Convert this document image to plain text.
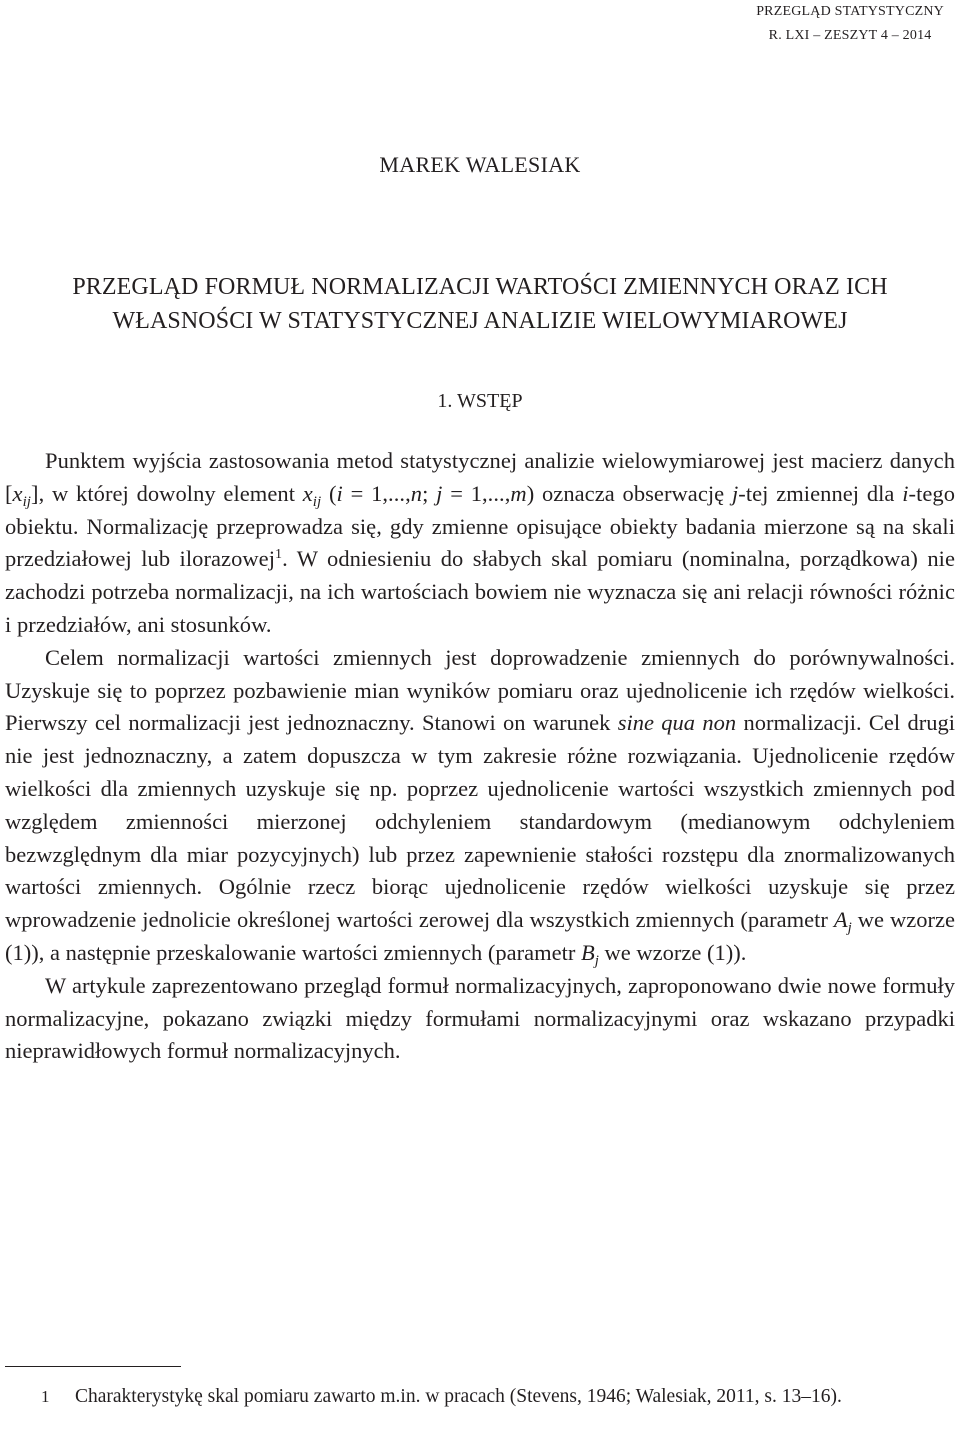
PRZEGLĄD STATYSTYCZNY
R. LXI – ZESZYT 4 – 2014
MAREK WALESIAK
PRZEGLĄD FORMUŁ NORMALIZACJI WARTOŚCI ZMIENNYCH ORAZ ICH
WŁASNOŚCI W STATYSTYCZNEJ ANALIZIE WIELOWYMIAROWEJ
1. WSTĘP

Punktem wyjścia zastosowania metod statystycznej analizie wielowymiarowej jest macierz danych $[x_{ij}]$, w której dowolny element $x_{ij}$ (i = 1,...,n; j = 1,...,m) oznacza obserwację j-tej zmiennej dla i-tego obiektu. Normalizację przeprowadza się, gdy zmienne opisujące obiekty badania mierzone są na skali przedziałowej lub ilorazowej$^1$. W odniesieniu do słabych skal pomiaru (nominalna, porządkowa) nie zachodzi potrzeba normalizacji, na ich wartościach bowiem nie wyznacza się ani relacji równości różnic i przedziałów, ani stosunków.

Celem normalizacji wartości zmiennych jest doprowadzenie zmiennych do porównywalności. Uzyskuje się to poprzez pozbawienie mian wyników pomiaru oraz ujednolicenie ich rzędów wielkości. Pierwszy cel normalizacji jest jednoznaczny. Stanowi on warunek sine qua non normalizacji. Cel drugi nie jest jednoznaczny, a zatem dopuszcza w tym zakresie różne rozwiązania. Ujednolicenie rzędów wielkości dla zmiennych uzyskuje się np. poprzez ujednolicenie wartości wszystkich zmiennych pod względem zmienności mierzonej odchyleniem standardowym (medianowym odchyleniem bezwzględnym dla miar pozycyjnych) lub przez zapewnienie stałości rozstępu dla znormalizowanych wartości zmiennych. Ogólnie rzecz biorąc ujednolicenie rzędów wielkości uzyskuje się przez wprowadzenie jednolicie określonej wartości zerowej dla wszystkich zmiennych (parametr $A_j$ we wzorze (1)), a następnie przeskalowanie wartości zmiennych (parametr $B_j$ we wzorze (1)).

W artykule zaprezentowano przegląd formuł normalizacyjnych, zaproponowano dwie nowe formuły normalizacyjne, pokazano związki między formułami normalizacyjnymi oraz wskazano przypadki nieprawidłowych formuł normalizacyjnych.

1 Charakterystykę skal pomiaru zawarto m.in. w pracach (Stevens, 1946; Walesiak, 2011, s. 13–16).
